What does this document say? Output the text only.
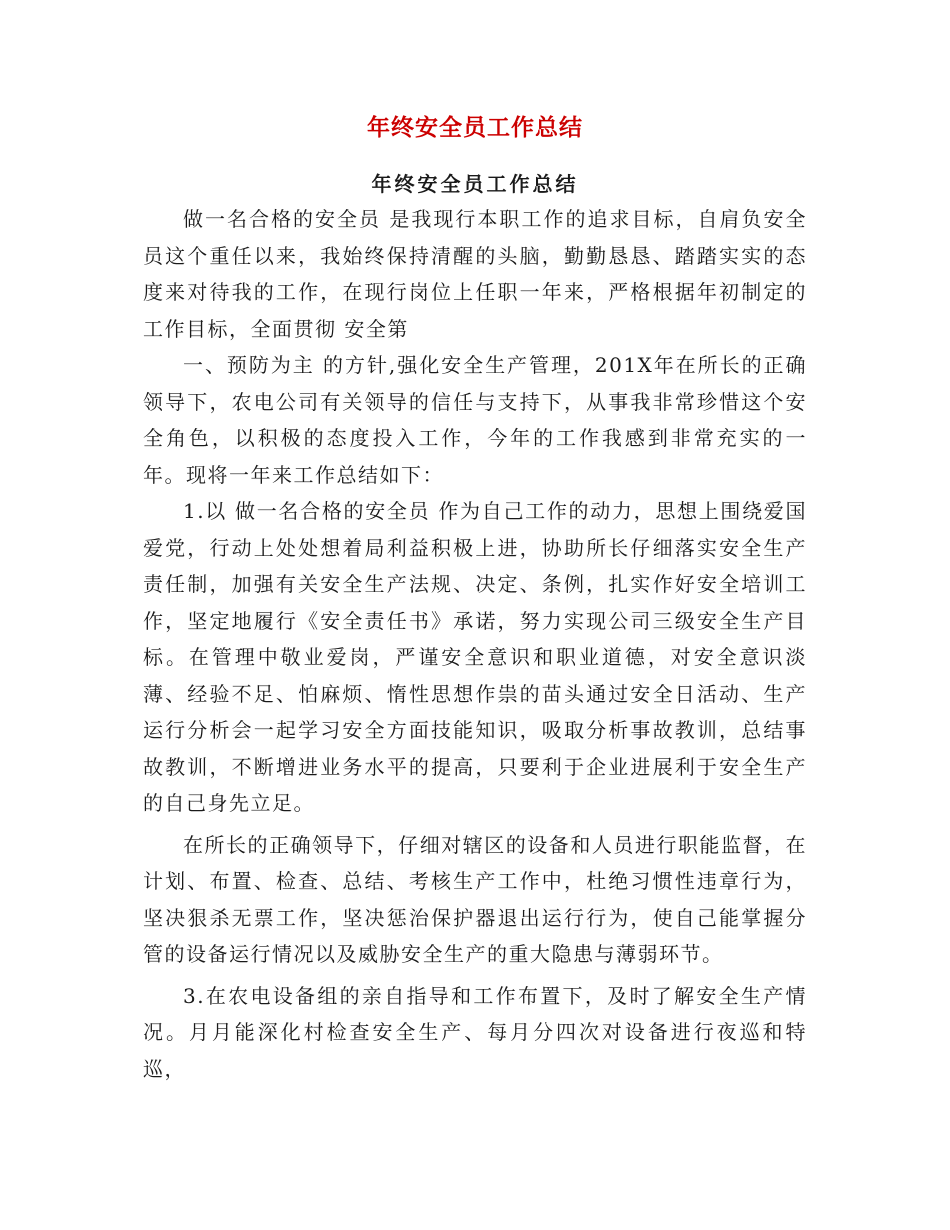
年终安全员工作总结
年终安全员工作总结

做一名合格的安全员 是我现行本职工作的追求目标，自肩负安全员这个重任以来，我始终保持清醒的头脑，勤勤恳恳、踏踏实实的态度来对待我的工作，在现行岗位上任职一年来，严格根据年初制定的工作目标，全面贯彻 安全第

一、预防为主 的方针,强化安全生产管理，201X年在所长的正确领导下，农电公司有关领导的信任与支持下，从事我非常珍惜这个安全角色，以积极的态度投入工作，今年的工作我感到非常充实的一年。现将一年来工作总结如下：

1.以 做一名合格的安全员 作为自己工作的动力，思想上围绕爱国爱党，行动上处处想着局利益积极上进，协助所长仔细落实安全生产责任制，加强有关安全生产法规、决定、条例，扎实作好安全培训工作，坚定地履行《安全责任书》承诺，努力实现公司三级安全生产目标。在管理中敬业爱岗，严谨安全意识和职业道德，对安全意识淡薄、经验不足、怕麻烦、惰性思想作祟的苗头通过安全日活动、生产运行分析会一起学习安全方面技能知识，吸取分析事故教训，总结事故教训，不断增进业务水平的提高，只要利于企业进展利于安全生产的自己身先立足。

在所长的正确领导下，仔细对辖区的设备和人员进行职能监督，在计划、布置、检查、总结、考核生产工作中，杜绝习惯性违章行为，坚决狠杀无票工作，坚决惩治保护器退出运行行为，使自己能掌握分管的设备运行情况以及威胁安全生产的重大隐患与薄弱环节。

3.在农电设备组的亲自指导和工作布置下，及时了解安全生产情况。月月能深化村检查安全生产、每月分四次对设备进行夜巡和特巡，
